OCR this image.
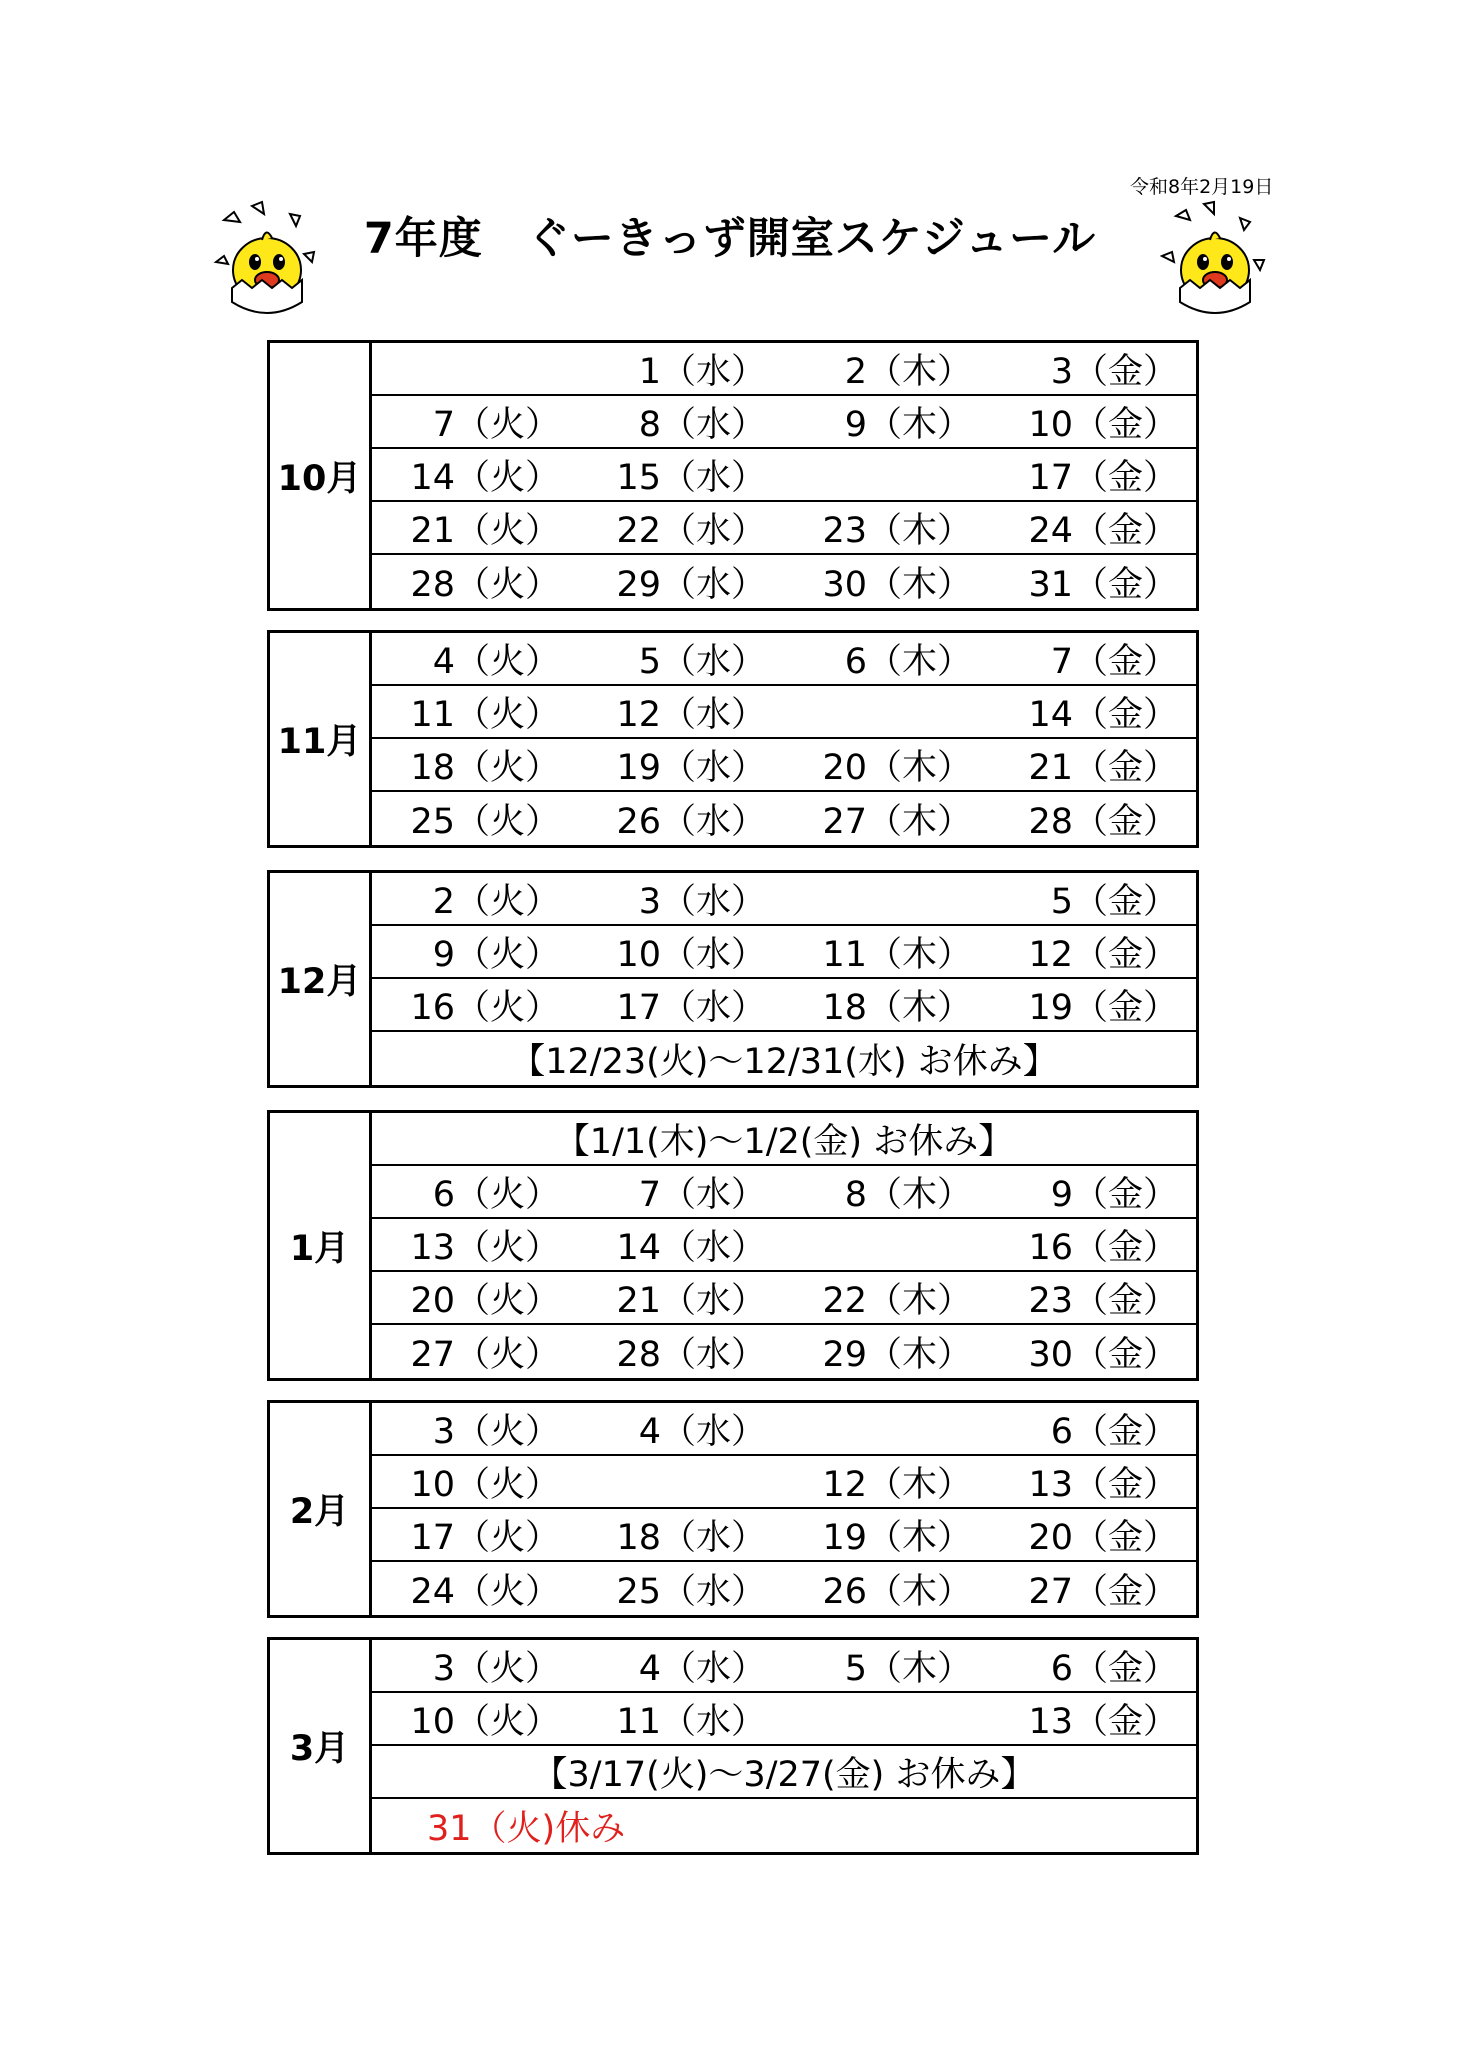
令和8年2月19日
7年度　ぐーきっず開室スケジュール
10月
1（水）	2（木）	3（金）
7（火）	8（水）	9（木）	10（金）
14（火）	15（水）	17（金）
21（火）	22（水）	23（木）	24（金）
28（火）	29（水）	30（木）	31（金）
11月
4（火）	5（水）	6（木）	7（金）
11（火）	12（水）	14（金）
18（火）	19（水）	20（木）	21（金）
25（火）	26（水）	27（木）	28（金）
12月
2（火）	3（水）	5（金）
9（火）	10（水）	11（木）	12（金）
16（火）	17（水）	18（木）	19（金）
【12/23(火)～12/31(水) お休み】
1月
【1/1(木)～1/2(金) お休み】
6（火）	7（水）	8（木）	9（金）
13（火）	14（水）	16（金）
20（火）	21（水）	22（木）	23（金）
27（火）	28（水）	29（木）	30（金）
2月
3（火）	4（水）	6（金）
10（火）	12（木）	13（金）
17（火）	18（水）	19（木）	20（金）
24（火）	25（水）	26（木）	27（金）
3月
3（火）	4（水）	5（木）	6（金）
10（火）	11（水）	13（金）
【3/17(火)～3/27(金) お休み】
31（火)休み
